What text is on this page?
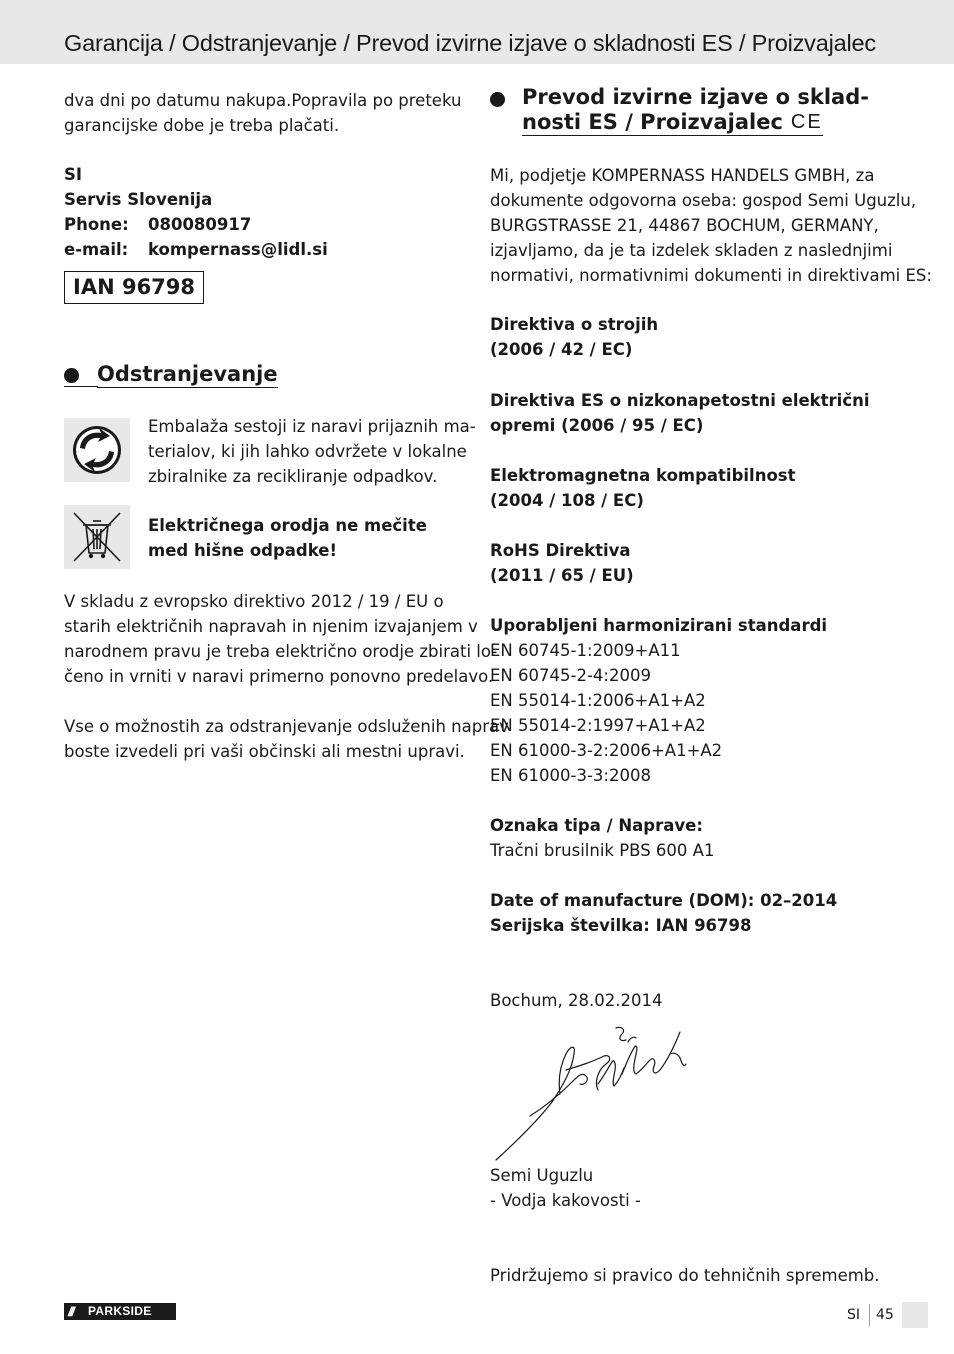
Garancija / Odstranjevanje / Prevod izvirne izjave o skladnosti ES / Proizvajalec
dva dni po datumu nakupa.Popravila po preteku
garancijske dobe je treba plačati.
SI
Servis Slovenija
Phone: 080080917
e-mail: kompernass@lidl.si
IAN 96798
Odstranjevanje
Embalaža sestoji iz naravi prijaznih ma-
terialov, ki jih lahko odvržete v lokalne
zbiralnike za recikliranje odpadkov.
Električnega orodja ne mečite
med hišne odpadke!
V skladu z evropsko direktivo 2012 / 19 / EU o
starih električnih napravah in njenim izvajanjem v
narodnem pravu je treba električno orodje zbirati lo-
čeno in vrniti v naravi primerno ponovno predelavo.
Vse o možnostih za odstranjevanje odsluženih naprav
boste izvedeli pri vaši občinski ali mestni upravi.
Prevod izvirne izjave o sklad-
nosti ES / Proizvajalec CE
Mi, podjetje KOMPERNASS HANDELS GMBH, za
dokumente odgovorna oseba: gospod Semi Uguzlu,
BURGSTRASSE 21, 44867 BOCHUM, GERMANY,
izjavljamo, da je ta izdelek skladen z naslednjimi
normativi, normativnimi dokumenti in direktivami ES:
Direktiva o strojih
(2006 / 42 / EC)
Direktiva ES o nizkonapetostni električni
opremi (2006 / 95 / EC)
Elektromagnetna kompatibilnost
(2004 / 108 / EC)
RoHS Direktiva
(2011 / 65 / EU)
Uporabljeni harmonizirani standardi
EN 60745-1:2009+A11
EN 60745-2-4:2009
EN 55014-1:2006+A1+A2
EN 55014-2:1997+A1+A2
EN 61000-3-2:2006+A1+A2
EN 61000-3-3:2008
Oznaka tipa / Naprave:
Tračni brusilnik PBS 600 A1
Date of manufacture (DOM): 02–2014
Serijska številka: IAN 96798
Bochum, 28.02.2014
Semi Uguzlu
- Vodja kakovosti -
Pridržujemo si pravico do tehničnih sprememb.
/// PARKSIDE	SI 45
